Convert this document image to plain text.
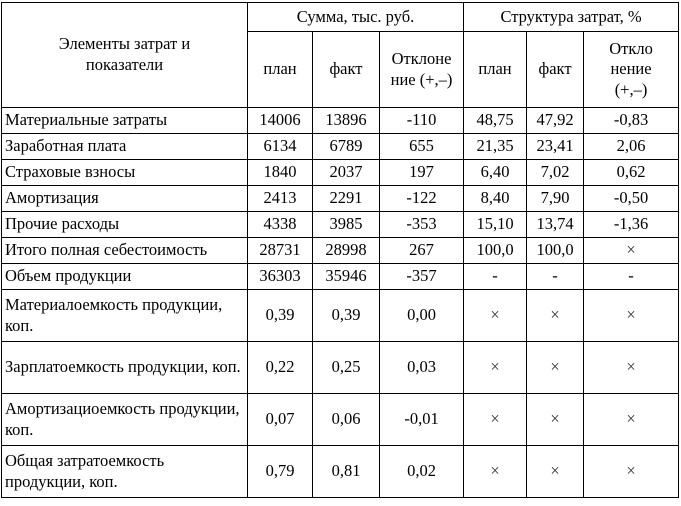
Элементы затрат и показатели	Сумма, тыс. руб.			Структура затрат, %		
	план	факт	Отклонение (+,–)	план	факт	Отклонение (+,–)
Материальные затраты	14006	13896	-110	48,75	47,92	-0,83
Заработная плата	6134	6789	655	21,35	23,41	2,06
Страховые взносы	1840	2037	197	6,40	7,02	0,62
Амортизация	2413	2291	-122	8,40	7,90	-0,50
Прочие расходы	4338	3985	-353	15,10	13,74	-1,36
Итого полная себестоимость	28731	28998	267	100,0	100,0	×
Объем продукции	36303	35946	-357	-	-	-
Материалоемкость продукции, коп.	0,39	0,39	0,00	×	×	×
Зарплатоемкость продукции, коп.	0,22	0,25	0,03	×	×	×
Амортизациоемкость продукции, коп.	0,07	0,06	-0,01	×	×	×
Общая затратоемкость продукции, коп.	0,79	0,81	0,02	×	×	×
